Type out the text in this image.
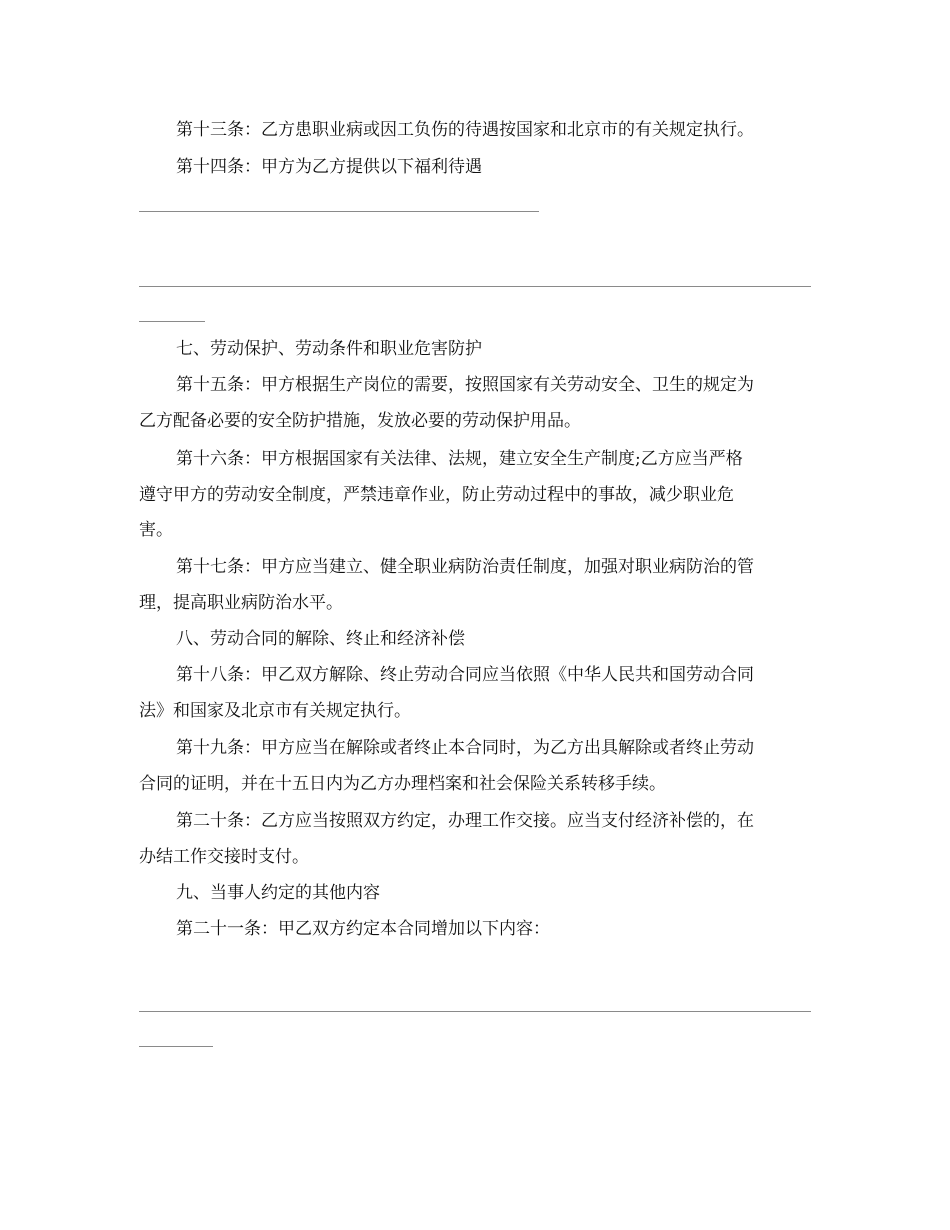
第十三条：乙方患职业病或因工负伤的待遇按国家和北京市的有关规定执行。

第十四条：甲方为乙方提供以下福利待遇

七、劳动保护、劳动条件和职业危害防护

第十五条：甲方根据生产岗位的需要，按照国家有关劳动安全、卫生的规定为

乙方配备必要的安全防护措施，发放必要的劳动保护用品。

第十六条：甲方根据国家有关法律、法规，建立安全生产制度;乙方应当严格

遵守甲方的劳动安全制度，严禁违章作业，防止劳动过程中的事故，减少职业危

害。

第十七条：甲方应当建立、健全职业病防治责任制度，加强对职业病防治的管

理，提高职业病防治水平。

八、劳动合同的解除、终止和经济补偿

第十八条：甲乙双方解除、终止劳动合同应当依照《中华人民共和国劳动合同

法》和国家及北京市有关规定执行。

第十九条：甲方应当在解除或者终止本合同时，为乙方出具解除或者终止劳动

合同的证明，并在十五日内为乙方办理档案和社会保险关系转移手续。

第二十条：乙方应当按照双方约定，办理工作交接。应当支付经济补偿的，在

办结工作交接时支付。

九、当事人约定的其他内容

第二十一条：甲乙双方约定本合同增加以下内容：
